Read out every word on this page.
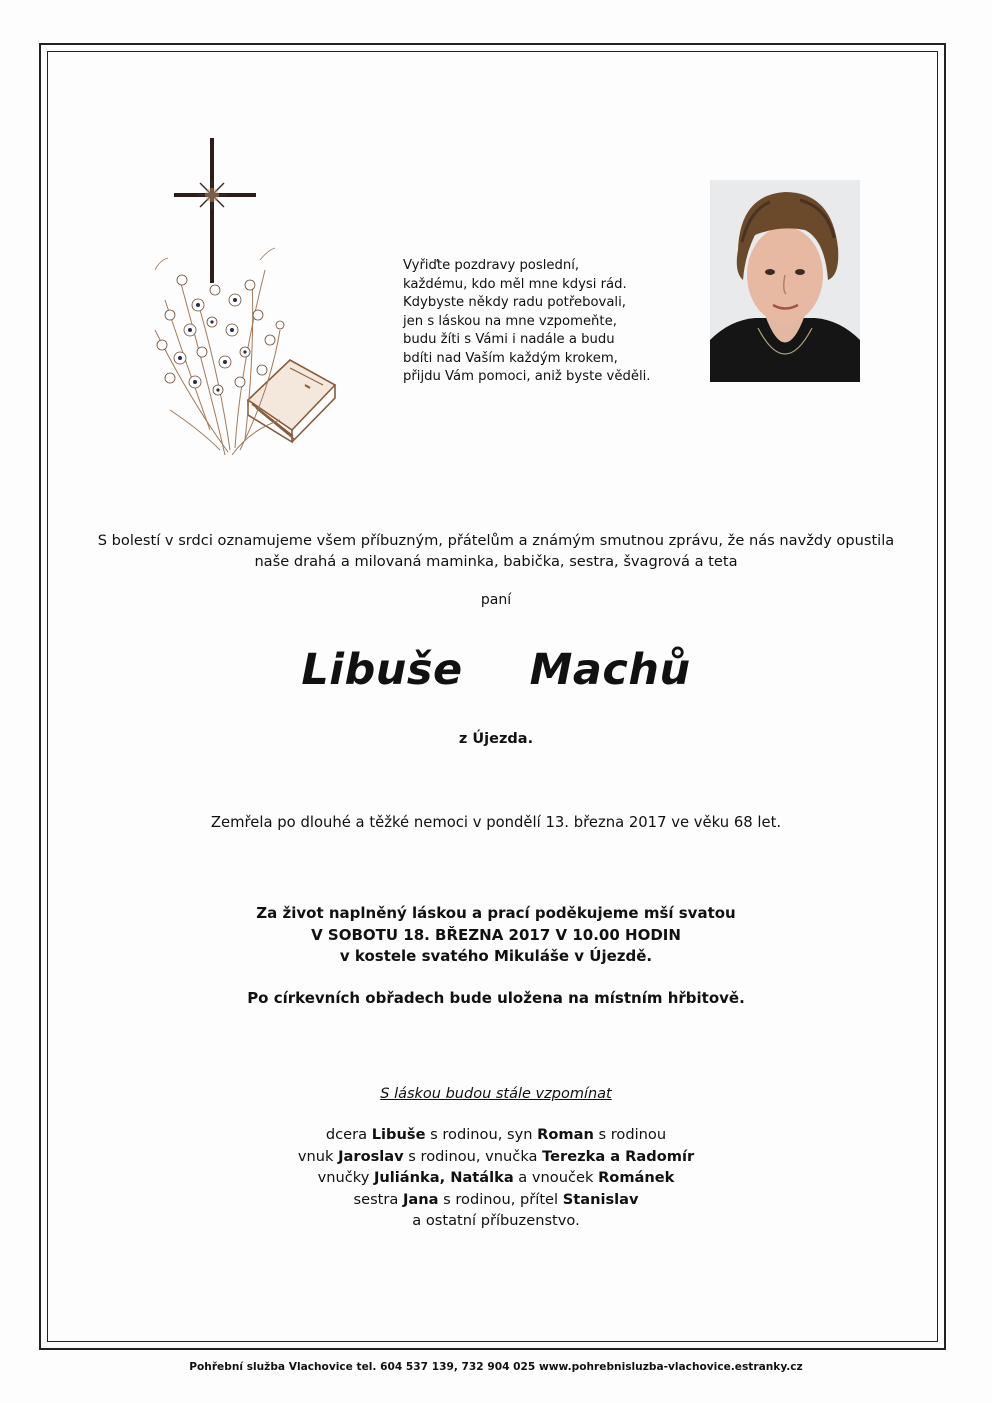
Vyřiďte pozdravy poslední,
každému, kdo měl mne kdysi rád.
Kdybyste někdy radu potřebovali,
jen s láskou na mne vzpomeňte,
budu žíti s Vámi i nadále a budu
bdíti nad Vaším každým krokem,
přijdu Vám pomoci, aniž byste věděli.
S bolestí v srdci oznamujeme všem příbuzným, přátelům a známým smutnou zprávu, že nás navždy opustila
naše drahá a milovaná maminka, babička, sestra, švagrová a teta
paní
Libuše  Machů
z Újezda.
Zemřela po dlouhé a těžké nemoci v pondělí 13. března 2017 ve věku 68 let.
Za život naplněný láskou a prací poděkujeme mší svatou
V SOBOTU 18. BŘEZNA 2017 V 10.00 HODIN
v kostele svatého Mikuláše v Újezdě.
Po církevních obřadech bude uložena na místním hřbitově.
S láskou budou stále vzpomínat
dcera Libuše s rodinou, syn Roman s rodinou
vnuk Jaroslav s rodinou, vnučka Terezka a Radomír
vnučky Juliánka, Natálka a vnouček Románek
sestra Jana s rodinou, přítel Stanislav
a ostatní příbuzenstvo.
Pohřební služba Vlachovice tel. 604 537 139, 732 904 025 www.pohrebnisluzba-vlachovice.estranky.cz
